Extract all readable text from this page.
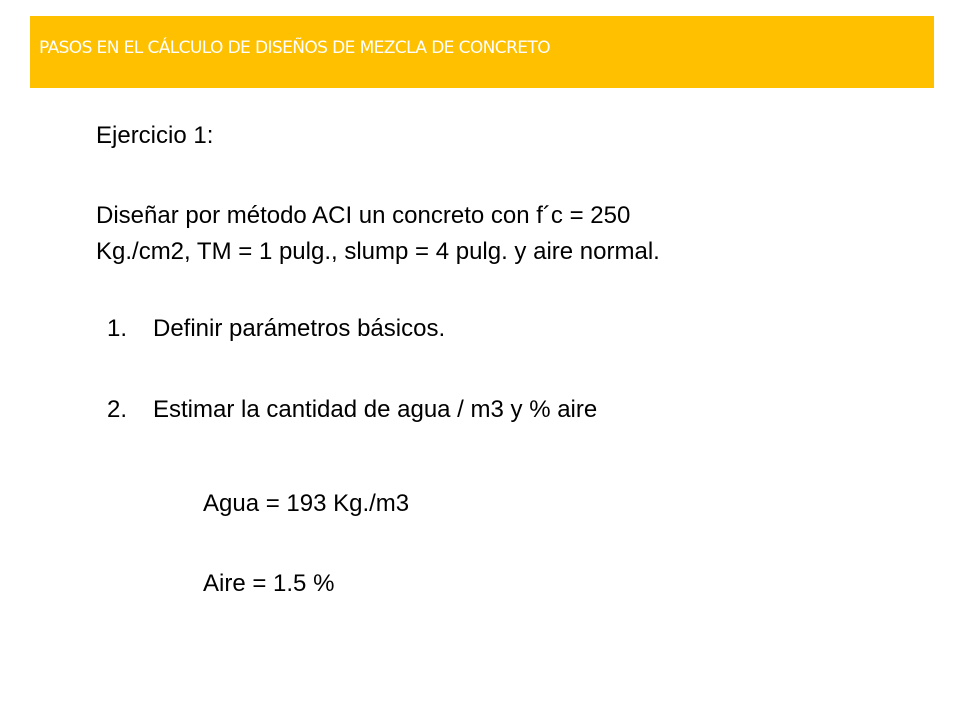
PASOS EN EL CÁLCULO DE DISEÑOS DE MEZCLA DE CONCRETO
Ejercicio 1:
Diseñar por método ACI un concreto con f´c = 250
Kg./cm2, TM = 1 pulg., slump = 4 pulg. y aire normal.
1. Definir parámetros básicos.
2. Estimar la cantidad de agua / m3 y % aire
Agua = 193 Kg./m3
Aire = 1.5 %
